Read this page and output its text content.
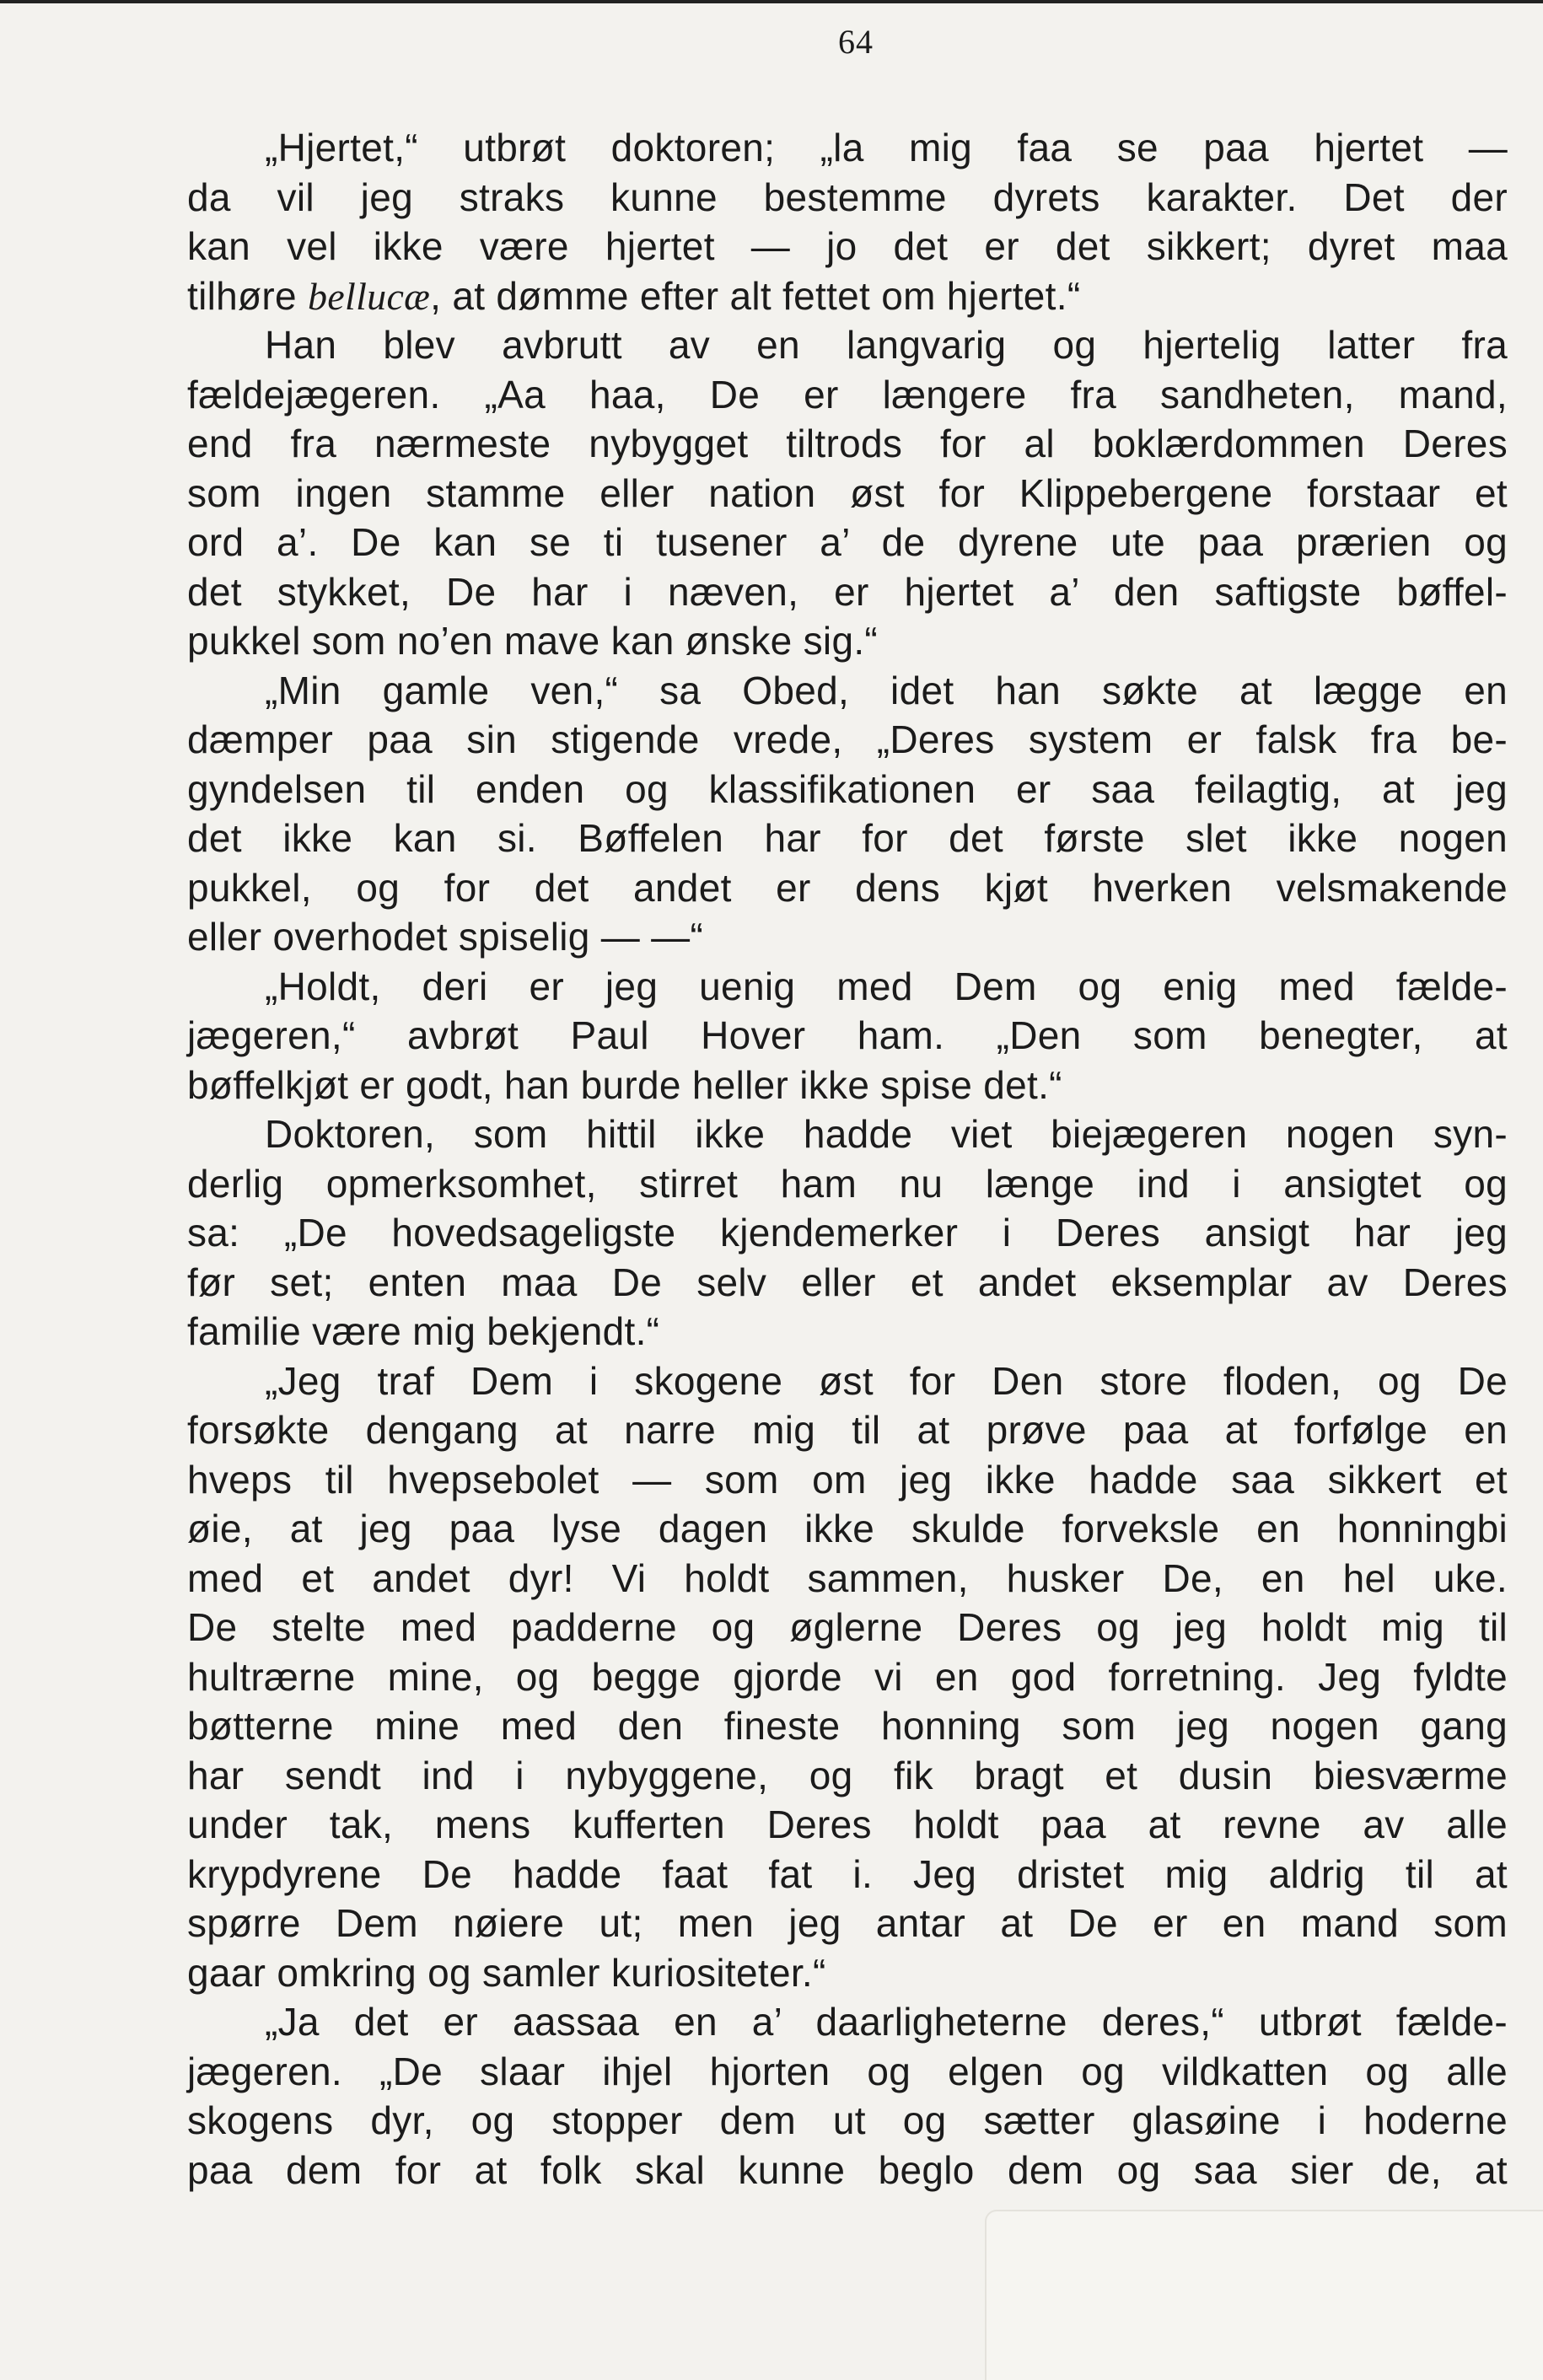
64
„Hjertet,“ utbrøt doktoren; „la mig faa se paa hjertet —
da vil jeg straks kunne bestemme dyrets karakter. Det der
kan vel ikke være hjertet — jo det er det sikkert; dyret maa
tilhøre bellucæ, at dømme efter alt fettet om hjertet.“
Han blev avbrutt av en langvarig og hjertelig latter fra
fældejægeren. „Aa haa, De er længere fra sandheten, mand,
end fra nærmeste nybygget tiltrods for al boklærdommen Deres
som ingen stamme eller nation øst for Klippebergene forstaar et
ord a’. De kan se ti tusener a’ de dyrene ute paa prærien og
det stykket, De har i næven, er hjertet a’ den saftigste bøffel-
pukkel som no’en mave kan ønske sig.“
„Min gamle ven,“ sa Obed, idet han søkte at lægge en
dæmper paa sin stigende vrede, „Deres system er falsk fra be-
gyndelsen til enden og klassifikationen er saa feilagtig, at jeg
det ikke kan si. Bøffelen har for det første slet ikke nogen
pukkel, og for det andet er dens kjøt hverken velsmakende
eller overhodet spiselig — —“
„Holdt, deri er jeg uenig med Dem og enig med fælde-
jægeren,“ avbrøt Paul Hover ham. „Den som benegter, at
bøffelkjøt er godt, han burde heller ikke spise det.“
Doktoren, som hittil ikke hadde viet biejægeren nogen syn-
derlig opmerksomhet, stirret ham nu længe ind i ansigtet og
sa: „De hovedsageligste kjendemerker i Deres ansigt har jeg
før set; enten maa De selv eller et andet eksemplar av Deres
familie være mig bekjendt.“
„Jeg traf Dem i skogene øst for Den store floden, og De
forsøkte dengang at narre mig til at prøve paa at forfølge en
hveps til hvepsebolet — som om jeg ikke hadde saa sikkert et
øie, at jeg paa lyse dagen ikke skulde forveksle en honningbi
med et andet dyr! Vi holdt sammen, husker De, en hel uke.
De stelte med padderne og øglerne Deres og jeg holdt mig til
hultrærne mine, og begge gjorde vi en god forretning. Jeg fyldte
bøtterne mine med den fineste honning som jeg nogen gang
har sendt ind i nybyggene, og fik bragt et dusin biesværme
under tak, mens kufferten Deres holdt paa at revne av alle
krypdyrene De hadde faat fat i. Jeg dristet mig aldrig til at
spørre Dem nøiere ut; men jeg antar at De er en mand som
gaar omkring og samler kuriositeter.“
„Ja det er aassaa en a’ daarligheterne deres,“ utbrøt fælde-
jægeren. „De slaar ihjel hjorten og elgen og vildkatten og alle
skogens dyr, og stopper dem ut og sætter glasøine i hoderne
paa dem for at folk skal kunne beglo dem og saa sier de, at
